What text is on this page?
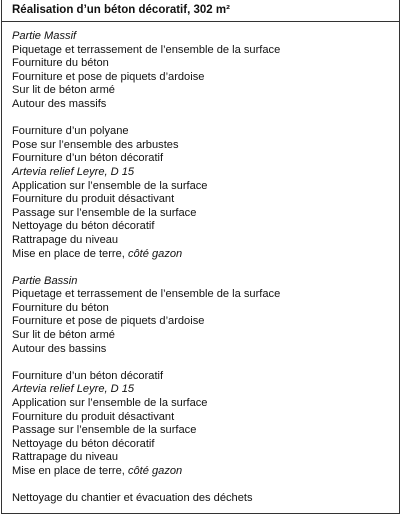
Réalisation d’un béton décoratif, 302 m²
Partie Massif
Piquetage et terrassement de l’ensemble de la surface
Fourniture du béton
Fourniture et pose de piquets d’ardoise
Sur lit de béton armé
Autour des massifs
Fourniture d’un polyane
Pose sur l’ensemble des arbustes
Fourniture d’un béton décoratif
Artevia relief Leyre, D 15
Application sur l’ensemble de la surface
Fourniture du produit désactivant
Passage sur l’ensemble de la surface
Nettoyage du béton décoratif
Rattrapage du niveau
Mise en place de terre, côté gazon
Partie Bassin
Piquetage et terrassement de l’ensemble de la surface
Fourniture du béton
Fourniture et pose de piquets d’ardoise
Sur lit de béton armé
Autour des bassins
Fourniture d’un béton décoratif
Artevia relief Leyre, D 15
Application sur l’ensemble de la surface
Fourniture du produit désactivant
Passage sur l’ensemble de la surface
Nettoyage du béton décoratif
Rattrapage du niveau
Mise en place de terre, côté gazon
Nettoyage du chantier et évacuation des déchets
